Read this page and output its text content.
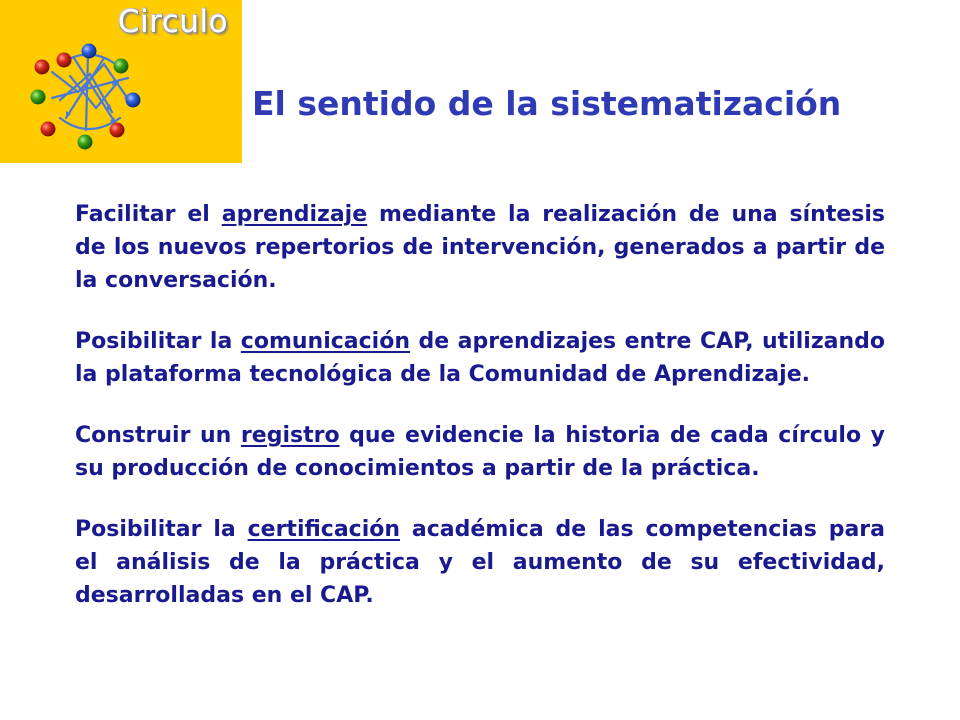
Circulo
El sentido de la sistematización

Facilitar el aprendizaje mediante la realización de una síntesis de los nuevos repertorios de intervención, generados a partir de la conversación.

Posibilitar la comunicación de aprendizajes entre CAP, utilizando la plataforma tecnológica de la Comunidad de Aprendizaje.

Construir un registro que evidencie la historia de cada círculo y su producción de conocimientos a partir de la práctica.

Posibilitar la certificación académica de las competencias para el análisis de la práctica y el aumento de su efectividad, desarrolladas en el CAP.
